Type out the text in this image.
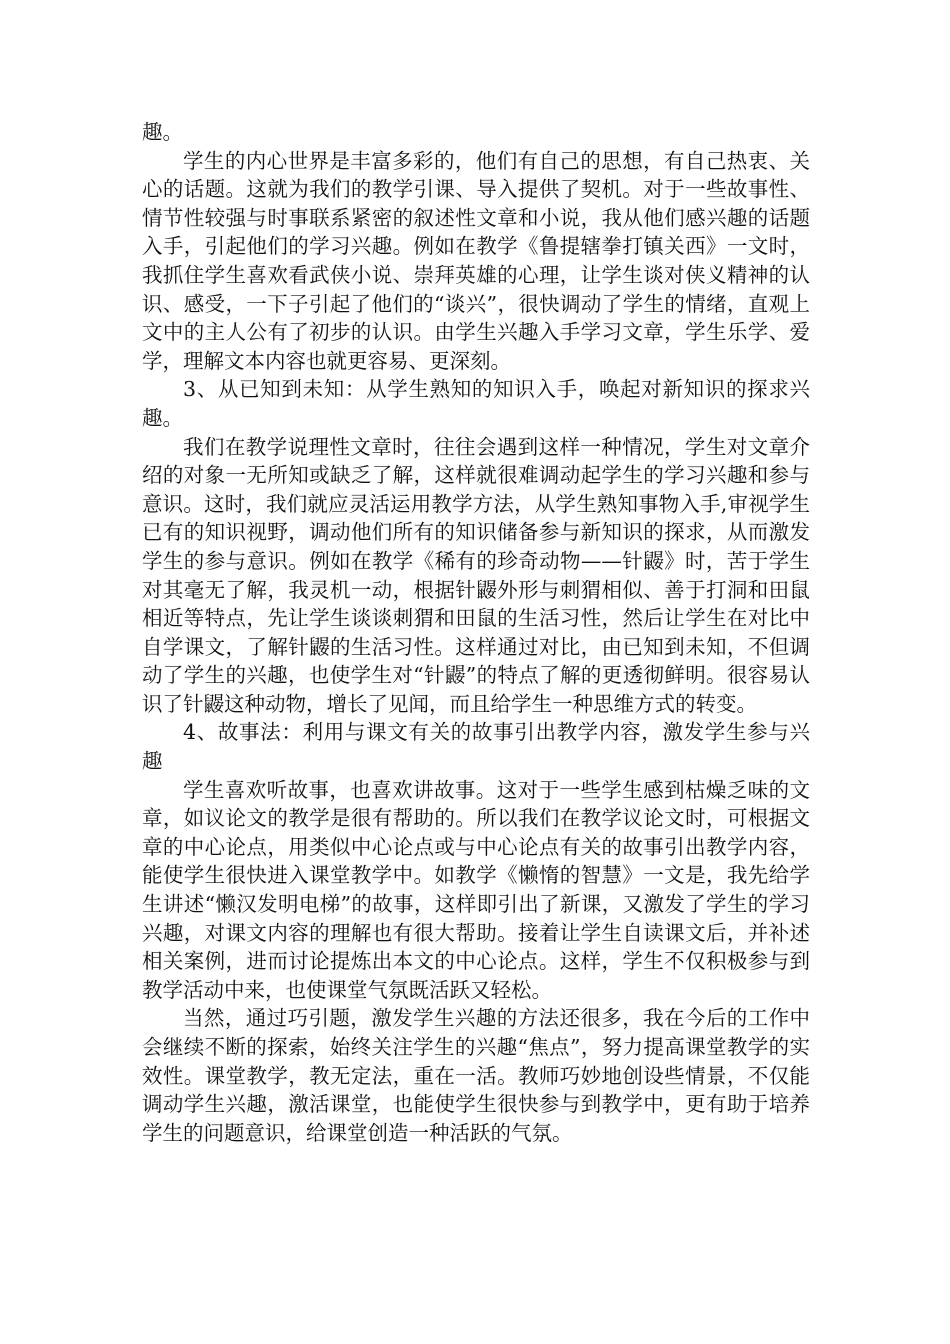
趣。

学生的内心世界是丰富多彩的，他们有自己的思想，有自己热衷、关心的话题。这就为我们的教学引课、导入提供了契机。对于一些故事性、情节性较强与时事联系紧密的叙述性文章和小说，我从他们感兴趣的话题入手，引起他们的学习兴趣。例如在教学《鲁提辖拳打镇关西》一文时，我抓住学生喜欢看武侠小说、崇拜英雄的心理，让学生谈对侠义精神的认识、感受，一下子引起了他们的“谈兴”，很快调动了学生的情绪，直观上文中的主人公有了初步的认识。由学生兴趣入手学习文章，学生乐学、爱学，理解文本内容也就更容易、更深刻。

3、从已知到未知：从学生熟知的知识入手，唤起对新知识的探求兴趣。

我们在教学说理性文章时，往往会遇到这样一种情况，学生对文章介绍的对象一无所知或缺乏了解，这样就很难调动起学生的学习兴趣和参与意识。这时，我们就应灵活运用教学方法，从学生熟知事物入手,审视学生已有的知识视野，调动他们所有的知识储备参与新知识的探求，从而激发学生的参与意识。例如在教学《稀有的珍奇动物——针鼹》时，苦于学生对其毫无了解，我灵机一动，根据针鼹外形与刺猬相似、善于打洞和田鼠相近等特点，先让学生谈谈刺猬和田鼠的生活习性，然后让学生在对比中自学课文，了解针鼹的生活习性。这样通过对比，由已知到未知，不但调动了学生的兴趣，也使学生对“针鼹”的特点了解的更透彻鲜明。很容易认识了针鼹这种动物，增长了见闻，而且给学生一种思维方式的转变。

4、故事法：利用与课文有关的故事引出教学内容，激发学生参与兴趣

学生喜欢听故事，也喜欢讲故事。这对于一些学生感到枯燥乏味的文章，如议论文的教学是很有帮助的。所以我们在教学议论文时，可根据文章的中心论点，用类似中心论点或与中心论点有关的故事引出教学内容，能使学生很快进入课堂教学中。如教学《懒惰的智慧》一文是，我先给学生讲述“懒汉发明电梯”的故事，这样即引出了新课，又激发了学生的学习兴趣，对课文内容的理解也有很大帮助。接着让学生自读课文后，并补述相关案例，进而讨论提炼出本文的中心论点。这样，学生不仅积极参与到教学活动中来，也使课堂气氛既活跃又轻松。

当然，通过巧引题，激发学生兴趣的方法还很多，我在今后的工作中会继续不断的探索，始终关注学生的兴趣“焦点”，努力提高课堂教学的实效性。课堂教学，教无定法，重在一活。教师巧妙地创设些情景，不仅能调动学生兴趣，激活课堂，也能使学生很快参与到教学中，更有助于培养学生的问题意识，给课堂创造一种活跃的气氛。
